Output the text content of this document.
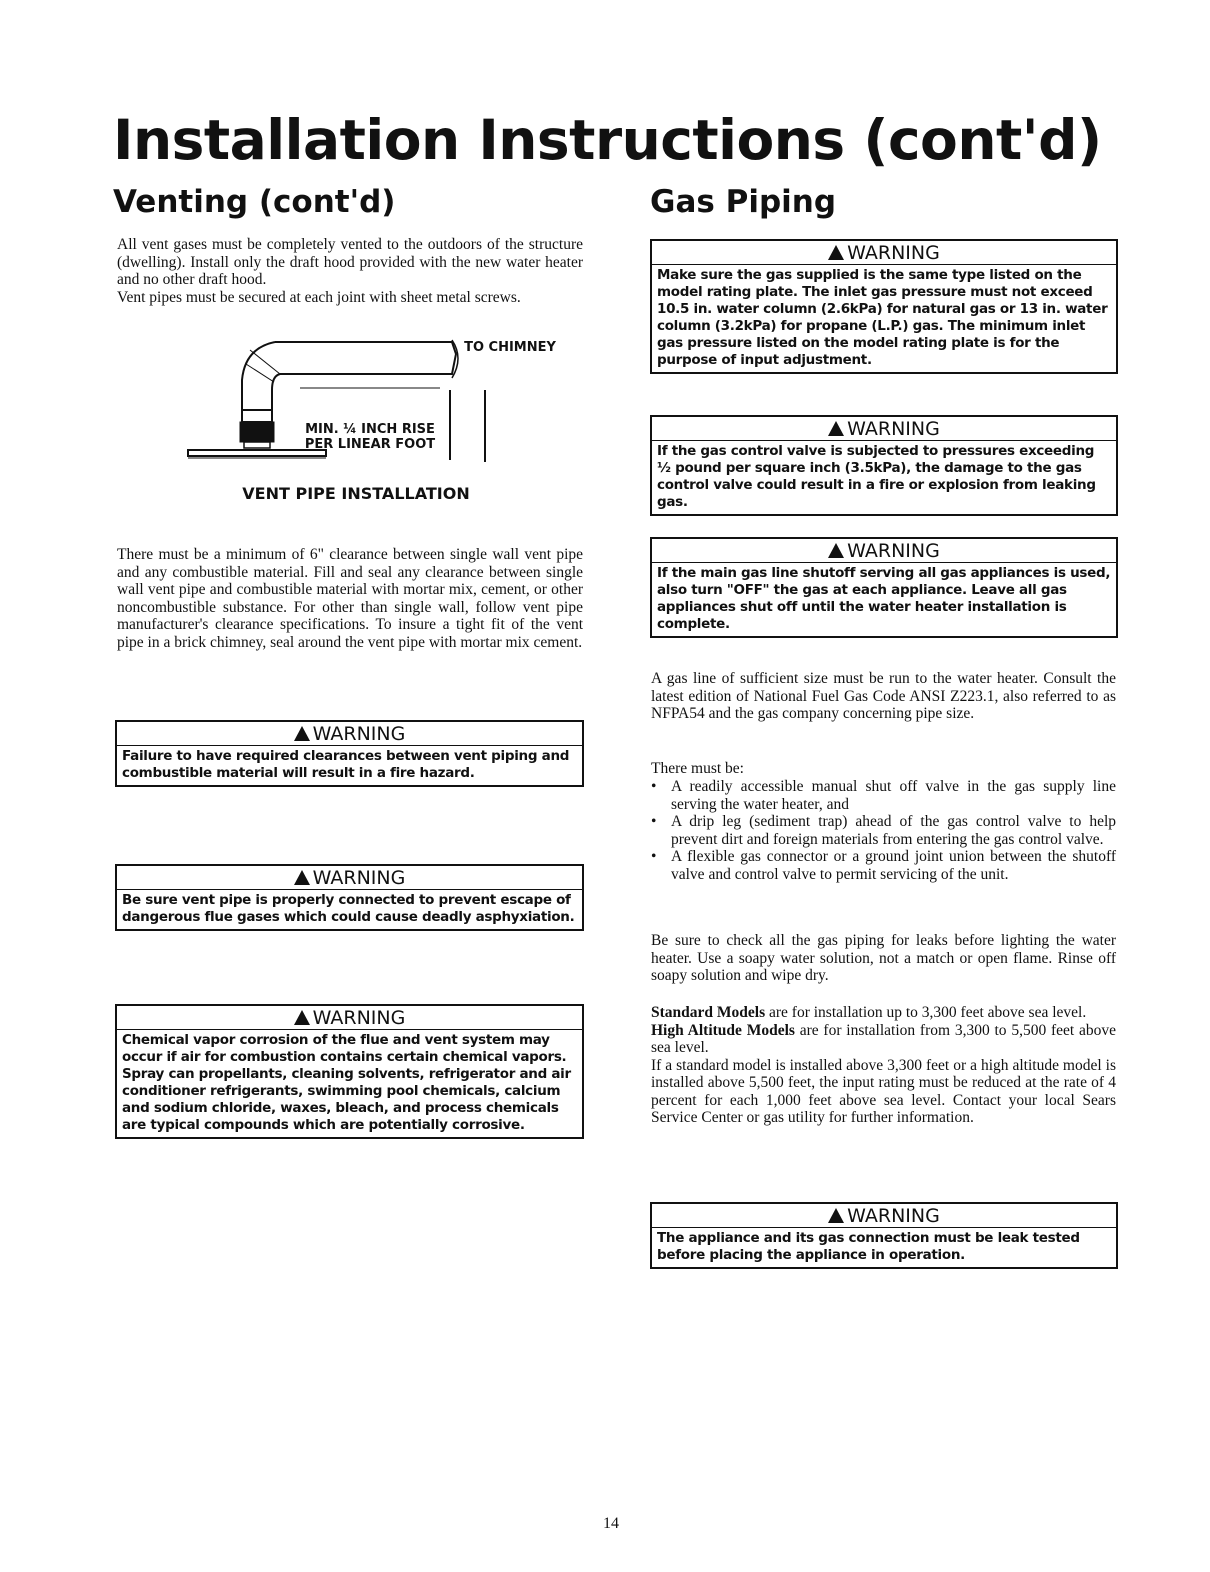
Installation Instructions (cont'd)
Venting (cont'd)

All vent gases must be completely vented to the outdoors of the structure (dwelling). Install only the draft hood provided with the new water heater and no other draft hood.

Vent pipes must be secured at each joint with sheet metal screws.

TO CHIMNEY
MIN. ¼ INCH RISE PER LINEAR FOOT
VENT PIPE INSTALLATION

There must be a minimum of 6" clearance between single wall vent pipe and any combustible material. Fill and seal any clearance between single wall vent pipe and combustible material with mortar mix, cement, or other noncombustible substance. For other than single wall, follow vent pipe manufacturer's clearance specifications. To insure a tight fit of the vent pipe in a brick chimney, seal around the vent pipe with mortar mix cement.

WARNING
Failure to have required clearances between vent piping and combustible material will result in a fire hazard.
WARNING
Be sure vent pipe is properly connected to prevent escape of dangerous flue gases which could cause deadly asphyxiation.
WARNING
Chemical vapor corrosion of the flue and vent system may occur if air for combustion contains certain chemical vapors. Spray can propellants, cleaning solvents, refrigerator and air conditioner refrigerants, swimming pool chemicals, calcium and sodium chloride, waxes, bleach, and process chemicals are typical compounds which are potentially corrosive.
Gas Piping
WARNING
Make sure the gas supplied is the same type listed on the model rating plate. The inlet gas pressure must not exceed 10.5 in. water column (2.6kPa) for natural gas or 13 in. water column (3.2kPa) for propane (L.P.) gas. The minimum inlet gas pressure listed on the model rating plate is for the purpose of input adjustment.
WARNING
If the gas control valve is subjected to pressures exceeding ½ pound per square inch (3.5kPa), the damage to the gas control valve could result in a fire or explosion from leaking gas.
WARNING
If the main gas line shutoff serving all gas appliances is used, also turn "OFF" the gas at each appliance. Leave all gas appliances shut off until the water heater installation is complete.

A gas line of sufficient size must be run to the water heater. Consult the latest edition of National Fuel Gas Code ANSI Z223.1, also referred to as NFPA54 and the gas company concerning pipe size.

There must be:

• A readily accessible manual shut off valve in the gas supply line serving the water heater, and
• A drip leg (sediment trap) ahead of the gas control valve to help prevent dirt and foreign materials from entering the gas control valve.
• A flexible gas connector or a ground joint union between the shutoff valve and control valve to permit servicing of the unit.

Be sure to check all the gas piping for leaks before lighting the water heater. Use a soapy water solution, not a match or open flame. Rinse off soapy solution and wipe dry.

Standard Models are for installation up to 3,300 feet above sea level.

High Altitude Models are for installation from 3,300 to 5,500 feet above sea level.

If a standard model is installed above 3,300 feet or a high altitude model is installed above 5,500 feet, the input rating must be reduced at the rate of 4 percent for each 1,000 feet above sea level. Contact your local Sears Service Center or gas utility for further information.

WARNING
The appliance and its gas connection must be leak tested before placing the appliance in operation.
14
